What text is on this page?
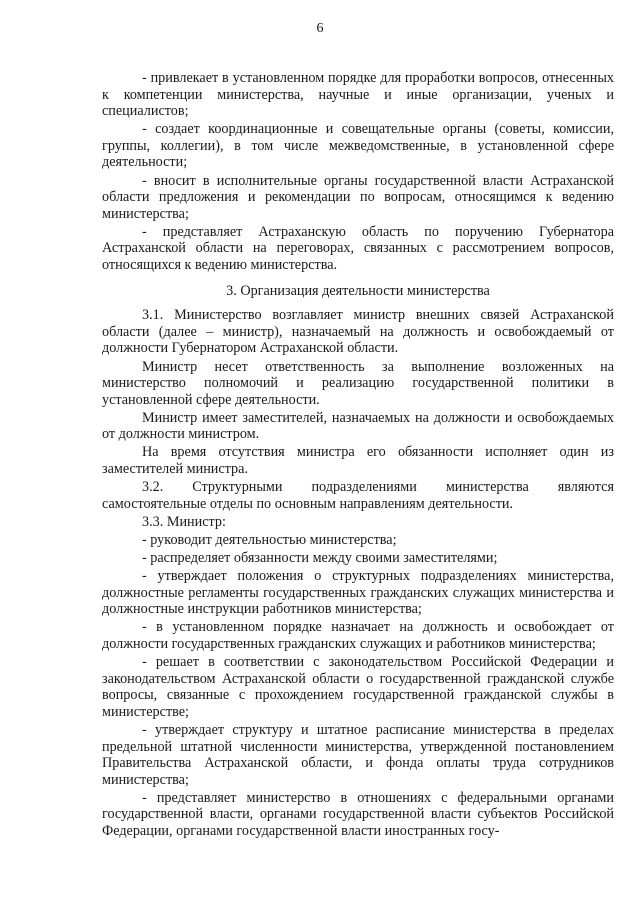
6

- привлекает в установленном порядке для проработки вопросов, отнесенных к компетенции министерства, научные и иные организации, ученых и специалистов;

- создает координационные и совещательные органы (советы, комиссии, группы, коллегии), в том числе межведомственные, в установленной сфере деятельности;

- вносит в исполнительные органы государственной власти Астраханской области предложения и рекомендации по вопросам, относящимся к ведению министерства;

- представляет Астраханскую область по поручению Губернатора Астраханской области на переговорах, связанных с рассмотрением вопросов, относящихся к ведению министерства.

3. Организация деятельности министерства

3.1. Министерство возглавляет министр внешних связей Астраханской области (далее – министр), назначаемый на должность и освобождаемый от должности Губернатором Астраханской области.

Министр несет ответственность за выполнение возложенных на министерство полномочий и реализацию государственной политики в установленной сфере деятельности.

Министр имеет заместителей, назначаемых на должности и освобождаемых от должности министром.

На время отсутствия министра его обязанности исполняет один из заместителей министра.

3.2. Структурными подразделениями министерства являются самостоятельные отделы по основным направлениям деятельности.

3.3. Министр:

- руководит деятельностью министерства;

- распределяет обязанности между своими заместителями;

- утверждает положения о структурных подразделениях министерства, должностные регламенты государственных гражданских служащих министерства и должностные инструкции работников министерства;

- в установленном порядке назначает на должность и освобождает от должности государственных гражданских служащих и работников министерства;

- решает в соответствии с законодательством Российской Федерации и законодательством Астраханской области о государственной гражданской службе вопросы, связанные с прохождением государственной гражданской службы в министерстве;

- утверждает структуру и штатное расписание министерства в пределах предельной штатной численности министерства, утвержденной постановлением Правительства Астраханской области, и фонда оплаты труда сотрудников министерства;

- представляет министерство в отношениях с федеральными органами государственной власти, органами государственной власти субъектов Российской Федерации, органами государственной власти иностранных госу-
